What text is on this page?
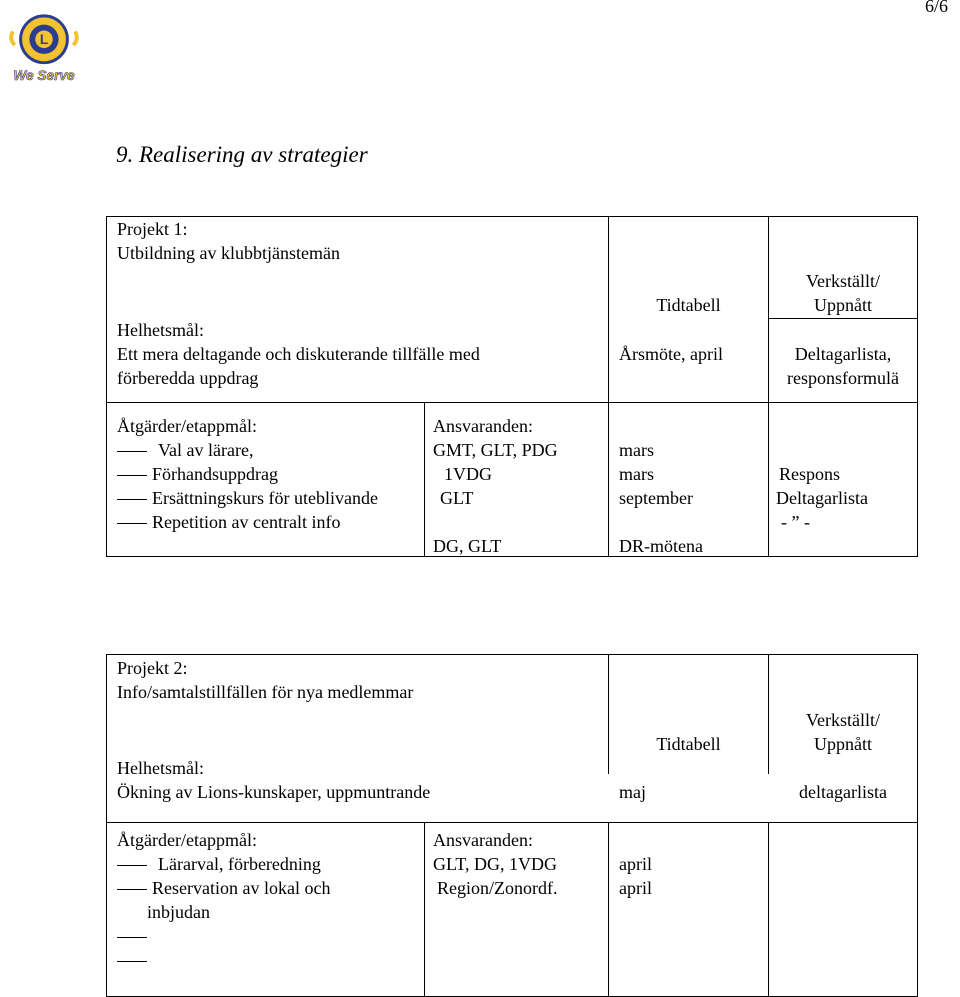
6/6
L
We Serve
9. Realisering av strategier
Projekt 1:
Utbildning av klubbtjänstemän
Helhetsmål:
Ett mera deltagande och diskuterande tillfälle med
förberedda uppdrag
Tidtabell
Årsmöte, april
Verkställt/
Uppnått
Deltagarlista,
responsformulä
Åtgärder/etappmål:
Val av lärare,
Förhandsuppdrag
Ersättningskurs för uteblivande
Repetition av centralt info
Ansvaranden:
GMT, GLT, PDG
1VDG
GLT
DG, GLT
mars
mars
september
DR-mötena
Respons
Deltagarlista
- ” -
Projekt 2:
Info/samtalstillfällen för nya medlemmar
Helhetsmål:
Ökning av Lions-kunskaper, uppmuntrande
Tidtabell
maj
Verkställt/
Uppnått
deltagarlista
Åtgärder/etappmål:
Lärarval, förberedning
Reservation av lokal och
inbjudan
Ansvaranden:
GLT, DG, 1VDG
Region/Zonordf.
april
april
